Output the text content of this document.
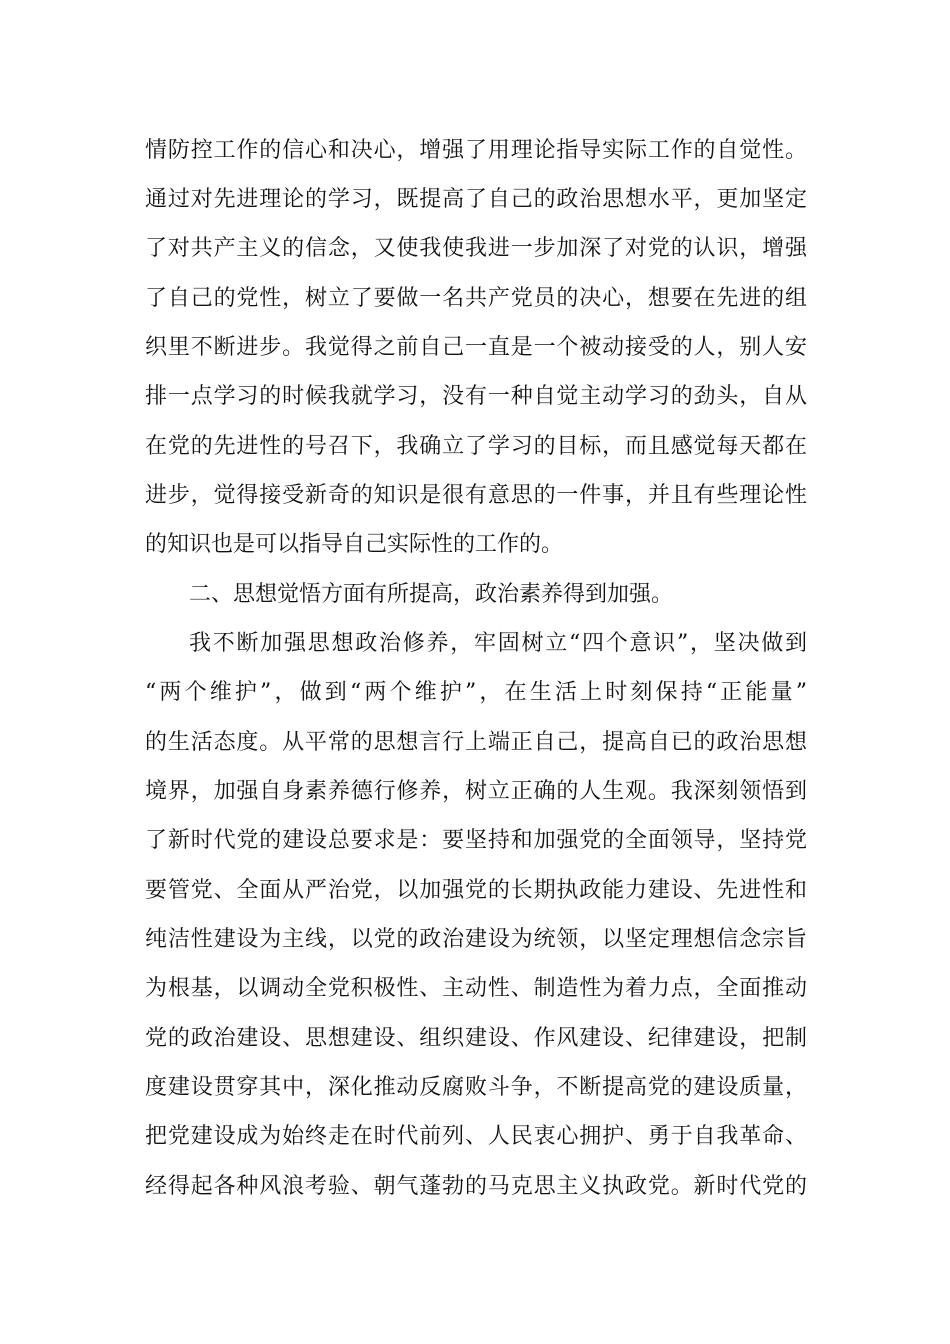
情防控工作的信心和决心，增强了用理论指导实际工作的自觉性。
通过对先进理论的学习，既提高了自己的政治思想水平，更加坚定
了对共产主义的信念，又使我使我进一步加深了对党的认识，增强
了自己的党性，树立了要做一名共产党员的决心，想要在先进的组
织里不断进步。我觉得之前自己一直是一个被动接受的人，别人安
排一点学习的时候我就学习，没有一种自觉主动学习的劲头，自从
在党的先进性的号召下，我确立了学习的目标，而且感觉每天都在
进步，觉得接受新奇的知识是很有意思的一件事，并且有些理论性
的知识也是可以指导自己实际性的工作的。
二、思想觉悟方面有所提高，政治素养得到加强。
我不断加强思想政治修养，牢固树立“四个意识”，坚决做到
“两个维护”，做到“两个维护”，在生活上时刻保持“正能量”
的生活态度。从平常的思想言行上端正自己，提高自已的政治思想
境界，加强自身素养德行修养，树立正确的人生观。我深刻领悟到
了新时代党的建设总要求是：要坚持和加强党的全面领导，坚持党
要管党、全面从严治党，以加强党的长期执政能力建设、先进性和
纯洁性建设为主线，以党的政治建设为统领，以坚定理想信念宗旨
为根基，以调动全党积极性、主动性、制造性为着力点，全面推动
党的政治建设、思想建设、组织建设、作风建设、纪律建设，把制
度建设贯穿其中，深化推动反腐败斗争，不断提高党的建设质量，
把党建设成为始终走在时代前列、人民衷心拥护、勇于自我革命、
经得起各种风浪考验、朝气蓬勃的马克思主义执政党。新时代党的
